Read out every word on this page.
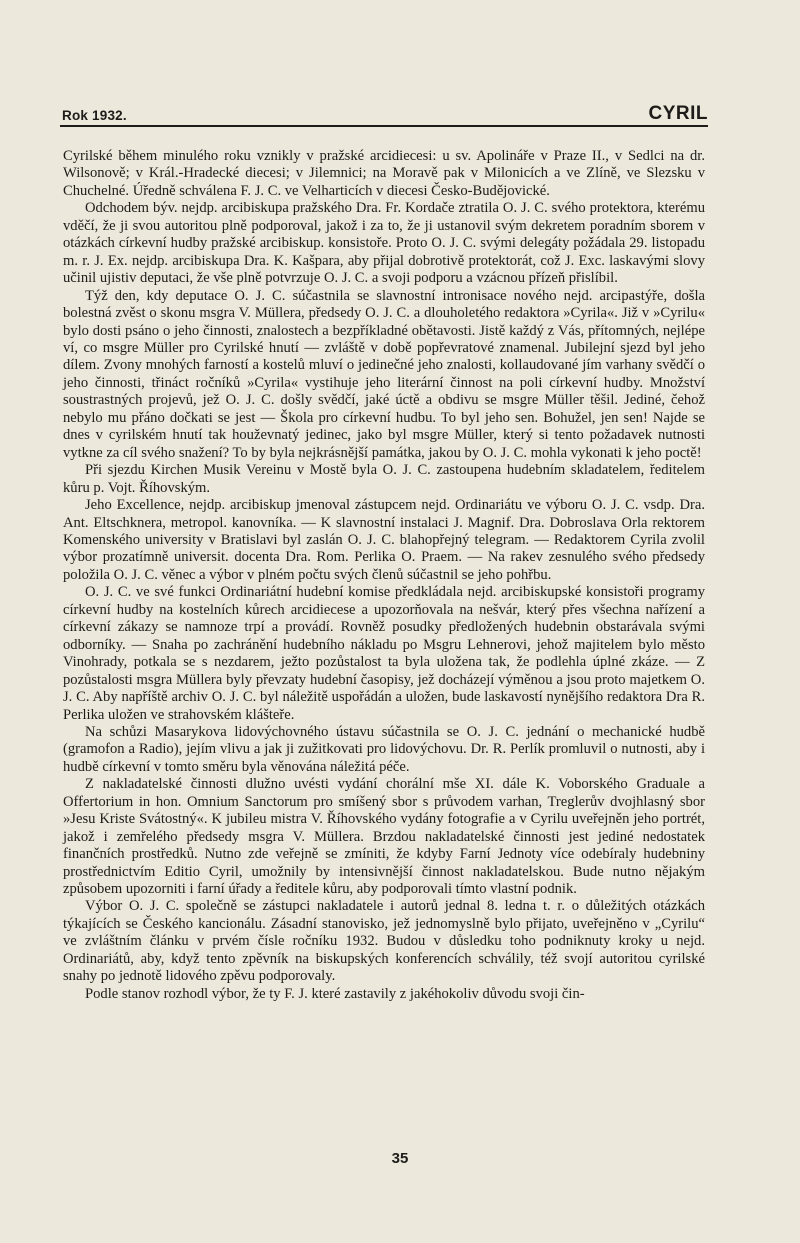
Rok 1932.	CYRIL

Cyrilské během minulého roku vznikly v pražské arcidiecesi: u sv. Apolináře v Praze II., v Sedlci na dr. Wilsonově; v Král.-Hradecké diecesi; v Jilemnici; na Moravě pak v Milonicích a ve Zlíně, ve Slezsku v Chuchelné. Úředně schválena F. J. C. ve Velharticích v diecesi Česko-Budějovické.

Odchodem býv. nejdp. arcibiskupa pražského Dra. Fr. Kordače ztratila O. J. C. svého protektora, kterému vděčí, že ji svou autoritou plně podporoval, jakož i za to, že ji ustanovil svým dekretem poradním sborem v otázkách církevní hudby pražské arcibiskup. konsistoře. Proto O. J. C. svými delegáty požádala 29. listopadu m. r. J. Ex. nejdp. arcibiskupa Dra. K. Kašpara, aby přijal dobrotivě protektorát, což J. Exc. laskavými slovy učinil ujistiv deputaci, že vše plně potvrzuje O. J. C. a svoji podporu a vzácnou přízeň přislíbil.

Týž den, kdy deputace O. J. C. súčastnila se slavnostní intronisace nového nejd. arcipastýře, došla bolestná zvěst o skonu msgra V. Müllera, předsedy O. J. C. a dlouholetého redaktora »Cyrila«. Již v »Cyrilu« bylo dosti psáno o jeho činnosti, znalostech a bezpříkladné obětavosti. Jistě každý z Vás, přítomných, nejlépe ví, co msgre Müller pro Cyrilské hnutí — zvláště v době popřevratové znamenal. Jubilejní sjezd byl jeho dílem. Zvony mnohých farností a kostelů mluví o jedinečné jeho znalosti, kollaudované jím varhany svědčí o jeho činnosti, třináct ročníků »Cyrila« vystihuje jeho literární činnost na poli církevní hudby. Množství soustrastných projevů, jež O. J. C. došly svědčí, jaké úctě a obdivu se msgre Müller těšil. Jediné, čehož nebylo mu přáno dočkati se jest — Škola pro církevní hudbu. To byl jeho sen. Bohužel, jen sen! Najde se dnes v cyrilském hnutí tak houževnatý jedinec, jako byl msgre Müller, který si tento požadavek nutnosti vytkne za cíl svého snažení? To by byla nejkrásnější památka, jakou by O. J. C. mohla vykonati k jeho poctě!

Při sjezdu Kirchen Musik Vereinu v Mostě byla O. J. C. zastoupena hudebním skladatelem, ředitelem kůru p. Vojt. Říhovským.

Jeho Excellence, nejdp. arcibiskup jmenoval zástupcem nejd. Ordinariátu ve výboru O. J. C. vsdp. Dra. Ant. Eltschknera, metropol. kanovníka. — K slavnostní instalaci J. Magnif. Dra. Dobroslava Orla rektorem Komenského university v Bratislavi byl zaslán O. J. C. blahopřejný telegram. — Redaktorem Cyrila zvolil výbor prozatímně universit. docenta Dra. Rom. Perlika O. Praem. — Na rakev zesnulého svého předsedy položila O. J. C. věnec a výbor v plném počtu svých členů súčastnil se jeho pohřbu.

O. J. C. ve své funkci Ordinariátní hudební komise předkládala nejd. arcibiskupské konsistoři programy církevní hudby na kostelních kůrech arcidiecese a upozorňovala na nešvár, který přes všechna nařízení a církevní zákazy se namnoze trpí a provádí. Rovněž posudky předložených hudebnin obstarávala svými odborníky. — Snaha po zachránění hudebního nákladu po Msgru Lehnerovi, jehož majitelem bylo město Vinohrady, potkala se s nezdarem, ježto pozůstalost ta byla uložena tak, že podlehla úplné zkáze. — Z pozůstalosti msgra Müllera byly převzaty hudební časopisy, jež docházejí výměnou a jsou proto majetkem O. J. C. Aby napříště archiv O. J. C. byl náležitě uspořádán a uložen, bude laskavostí nynějšího redaktora Dra R. Perlika uložen ve strahovském klášteře.

Na schůzi Masarykova lidovýchovného ústavu súčastnila se O. J. C. jednání o mechanické hudbě (gramofon a Radio), jejím vlivu a jak ji zužitkovati pro lidovýchovu. Dr. R. Perlík promluvil o nutnosti, aby i hudbě církevní v tomto směru byla věnována náležitá péče.

Z nakladatelské činnosti dlužno uvésti vydání chorální mše XI. dále K. Voborského Graduale a Offertorium in hon. Omnium Sanctorum pro smíšený sbor s průvodem varhan, Treglerův dvojhlasný sbor »Jesu Kriste Svátostný«. K jubileu mistra V. Říhovského vydány fotografie a v Cyrilu uveřejněn jeho portrét, jakož i zemřelého předsedy msgra V. Müllera. Brzdou nakladatelské činnosti jest jediné nedostatek finančních prostředků. Nutno zde veřejně se zmíniti, že kdyby Farní Jednoty více odebíraly hudebniny prostřednictvím Editio Cyril, umožnily by intensivnější činnost nakladatelskou. Bude nutno nějakým způsobem upozorniti i farní úřady a ředitele kůru, aby podporovali tímto vlastní podnik.

Výbor O. J. C. společně se zástupci nakladatele i autorů jednal 8. ledna t. r. o důležitých otázkách týkajících se Českého kancionálu. Zásadní stanovisko, jež jednomyslně bylo přijato, uveřejněno v „Cyrilu“ ve zvláštním článku v prvém čísle ročníku 1932. Budou v důsledku toho podniknuty kroky u nejd. Ordinariátů, aby, když tento zpěvník na biskupských konferencích schválily, též svojí autoritou cyrilské snahy po jednotě lidového zpěvu podporovaly.

Podle stanov rozhodl výbor, že ty F. J. které zastavily z jakéhokoliv důvodu svoji čin-

35
